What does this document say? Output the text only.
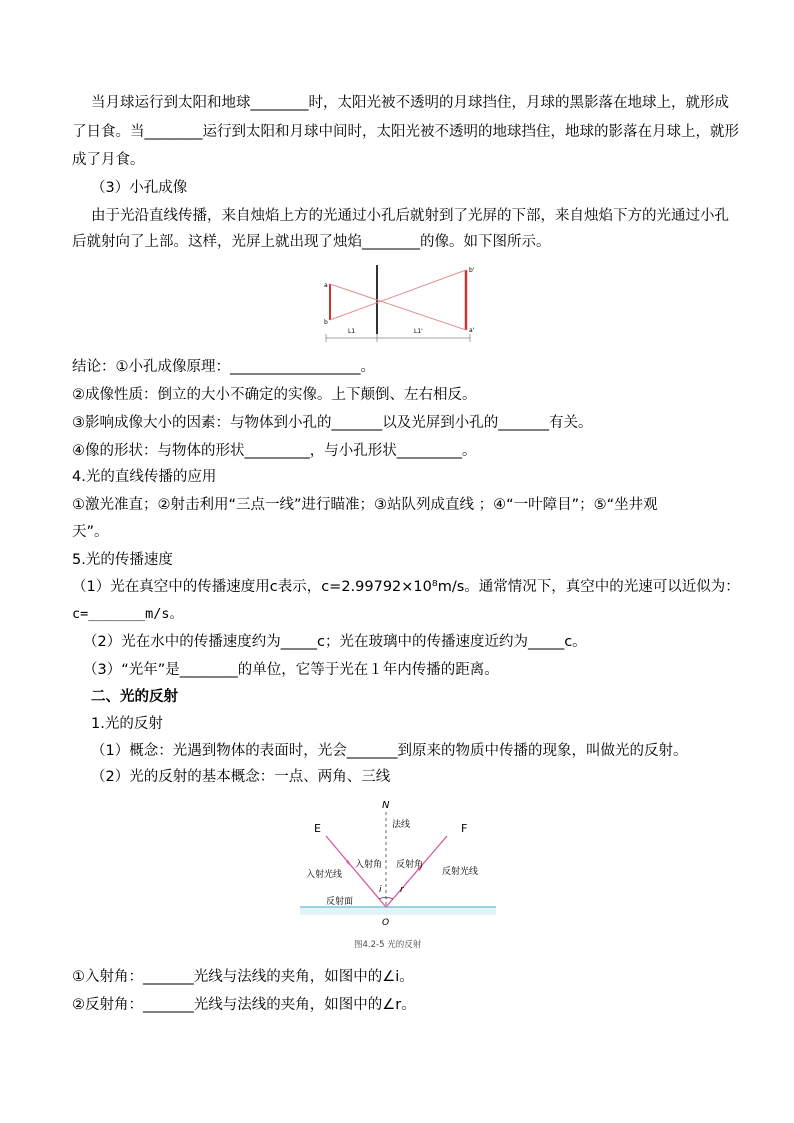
当月球运行到太阳和地球________时，太阳光被不透明的月球挡住，月球的黑影落在地球上，就形成
了日食。当________运行到太阳和月球中间时，太阳光被不透明的地球挡住，地球的影落在月球上，就形
成了月食。
（3）小孔成像
由于光沿直线传播，来自烛焰上方的光通过小孔后就射到了光屏的下部，来自烛焰下方的光通过小孔
后就射向了上部。这样，光屏上就出现了烛焰________的像。如下图所示。
a
b
b'
a'
L1	L1'
结论：①小孔成像原理：__________________。
②成像性质：倒立的大小不确定的实像。上下颠倒、左右相反。
③影响成像大小的因素：与物体到小孔的_______以及光屏到小孔的_______有关。
④像的形状：与物体的形状_________，与小孔形状_________。
4.光的直线传播的应用
①激光准直；②射击利用“三点一线”进行瞄准；③站队列成直线 ；④“一叶障目”；⑤“坐井观
天”。
5.光的传播速度
（1）光在真空中的传播速度用c表示，c=2.99792×10⁸m/s。通常情况下，真空中的光速可以近似为：
c=_______m/s。
（2）光在水中的传播速度约为_____c；光在玻璃中的传播速度近约为_____c。
（3）“光年”是________的单位，它等于光在１年内传播的距离。
二、光的反射
1.光的反射
（1）概念：光遇到物体的表面时，光会_______到原来的物质中传播的现象，叫做光的反射。
（2）光的反射的基本概念：一点、两角、三线
N
法线
E	F
入射光线	反射光线
入射角 反射角
i r
反射面
O
图4.2-5 光的反射
①入射角：_______光线与法线的夹角，如图中的∠i。
②反射角：_______光线与法线的夹角，如图中的∠r。
